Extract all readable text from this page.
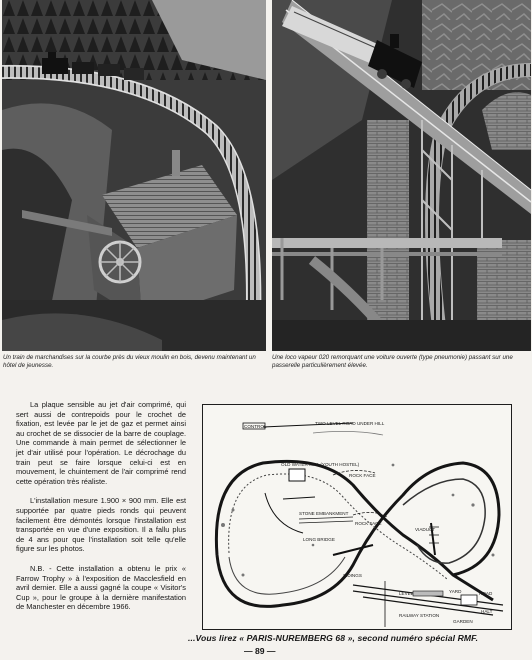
Un train de marchandises sur la courbe près du vieux moulin en bois, devenu maintenant un hôtel de jeunesse.
Une loco vapeur 020 remorquant une voiture ouverte (type pneumonie) passant sur une passerelle particulièrement élevée.

La plaque sensible au jet d'air comprimé, qui sert aussi de contrepoids pour le crochet de fixation, est levée par le jet de gaz et permet ainsi au crochet de se dissocier de la barre de couplage. Une commande à main permet de sélectionner le jet d'air utilisé pour l'opération. Le décrochage du train peut se faire lorsque celui-ci est en mouvement, le chuintement de l'air comprimé rend cette opération très réaliste.

L'installation mesure 1.900 × 900 mm. Elle est supportée par quatre pieds ronds qui peuvent facilement être démontés lorsque l'installation est transportée en vue d'une exposition. Il a fallu plus de 4 ans pour que l'installation soit telle qu'elle figure sur les photos.

N.B. - Cette installation a obtenu le prix « Farrow Trophy » à l'exposition de Macclesfield en avril dernier. Elle a aussi gagné la coupe « Visitor's Cup », pour le groupe à la dernière manifestation de Manchester en décembre 1966.

CONTROL
TWO LEVEL ROAD UNDER HILL
OLD WATER MILL (YOUTH HOSTEL)
ROCK FACE
ROCK FACE
STONE EMBANKMENT
VIADUCT
LONG BRIDGE
SIDINGS
LEVEL	YARD	ROAD
HALT
GARDEN
RAILWAY STATION
...Vous lirez « PARIS-NUREMBERG 68 », second numéro spécial RMF.
— 89 —
